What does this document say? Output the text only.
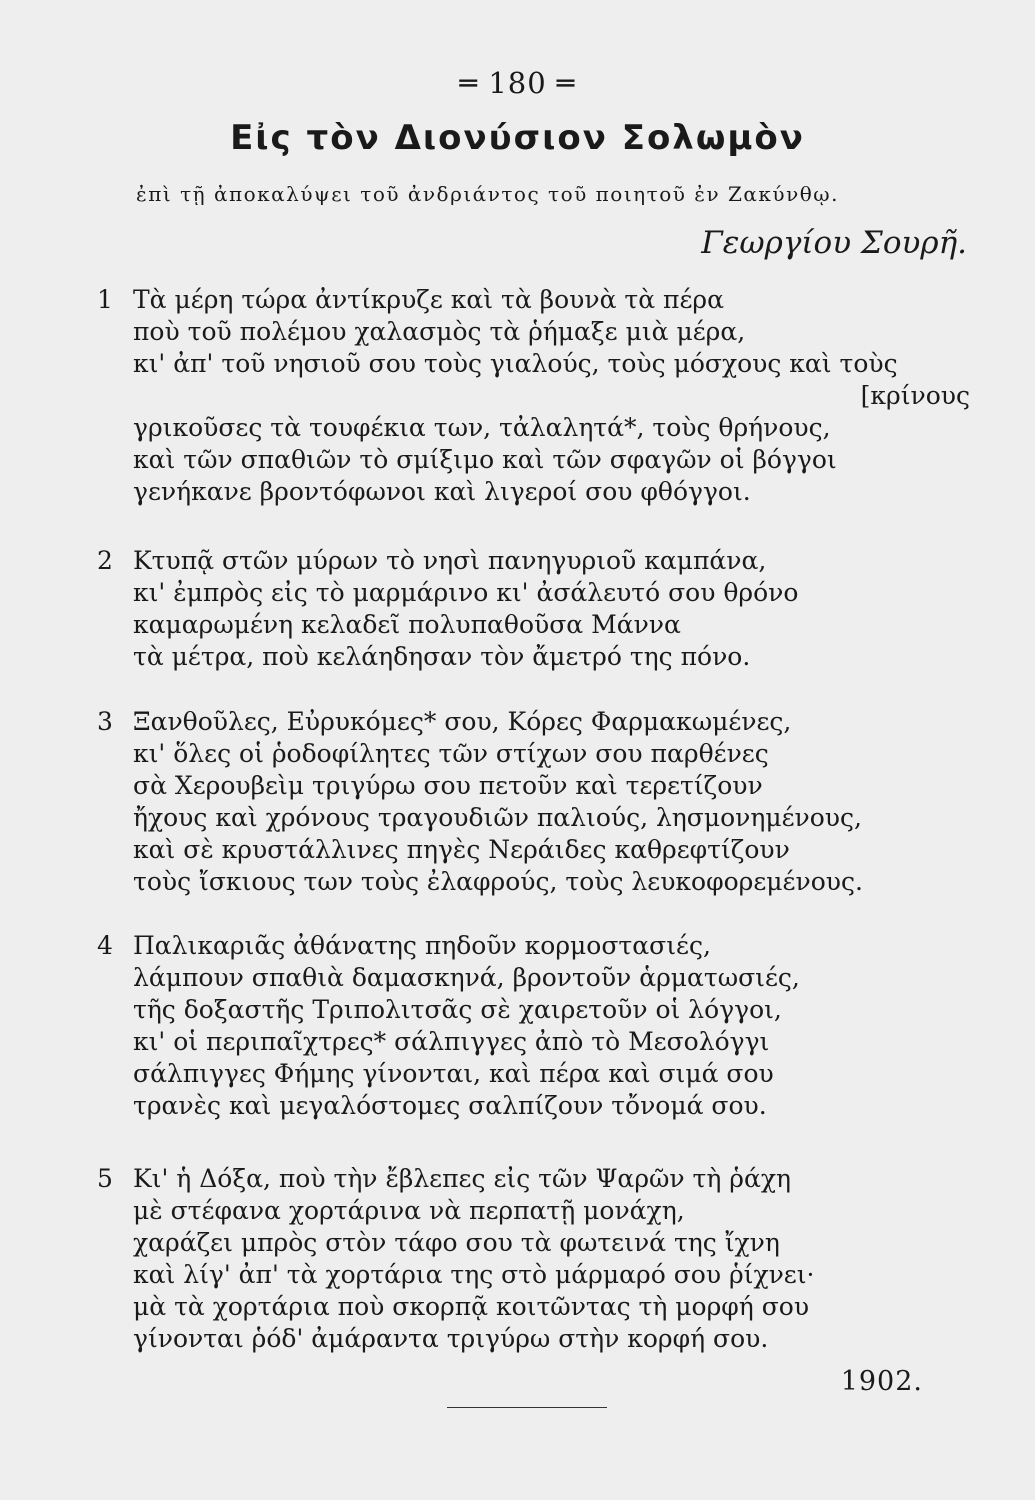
═ 180 ═
Εἰς τὸν Διονύσιον Σολωμὸν
ἐπὶ τῇ ἀποκαλύψει τοῦ ἀνδριάντος τοῦ ποιητοῦ ἐν Ζακύνθῳ.
Γεωργίου Σουρῆ.
1 Τὰ μέρη τώρα ἀντίκρυζε καὶ τὰ βουνὰ τὰ πέρα
ποὺ τοῦ πολέμου χαλασμὸς τὰ ῥήμαξε μιὰ μέρα,
κι' ἀπ' τοῦ νησιοῦ σου τοὺς γιαλούς, τοὺς μόσχους καὶ τοὺς
[κρίνους
γρικοῦσες τὰ τουφέκια των, τἀλαλητά*, τοὺς θρήνους,
καὶ τῶν σπαθιῶν τὸ σμίξιμο καὶ τῶν σφαγῶν οἱ βόγγοι
γενήκανε βροντόφωνοι καὶ λιγεροί σου φθόγγοι.
2 Κτυπᾷ στῶν μύρων τὸ νησὶ πανηγυριοῦ καμπάνα,
κι' ἐμπρὸς εἰς τὸ μαρμάρινο κι' ἀσάλευτό σου θρόνο
καμαρωμένη κελαδεῖ πολυπαθοῦσα Μάννα
τὰ μέτρα, ποὺ κελάηδησαν τὸν ἄμετρό της πόνο.
3 Ξανθοῦλες, Εὐρυκόμες* σου, Κόρες Φαρμακωμένες,
κι' ὅλες οἱ ῥοδοφίλητες τῶν στίχων σου παρθένες
σὰ Χερουβεὶμ τριγύρω σου πετοῦν καὶ τερετίζουν
ἤχους καὶ χρόνους τραγουδιῶν παλιούς, λησμονημένους,
καὶ σὲ κρυστάλλινες πηγὲς Νεράιδες καθρεφτίζουν
τοὺς ἴσκιους των τοὺς ἐλαφρούς, τοὺς λευκοφορεμένους.
4 Παλικαριᾶς ἀθάνατης πηδοῦν κορμοστασιές,
λάμπουν σπαθιὰ δαμασκηνά, βροντοῦν ἁρματωσιές,
τῆς δοξαστῆς Τριπολιτσᾶς σὲ χαιρετοῦν οἱ λόγγοι,
κι' οἱ περιπαῖχτρες* σάλπιγγες ἀπὸ τὸ Μεσολόγγι
σάλπιγγες Φήμης γίνονται, καὶ πέρα καὶ σιμά σου
τρανὲς καὶ μεγαλόστομες σαλπίζουν τὄνομά σου.
5 Κι' ἡ Δόξα, ποὺ τὴν ἔβλεπες εἰς τῶν Ψαρῶν τὴ ῥάχη
μὲ στέφανα χορτάρινα νὰ περπατῇ μονάχη,
χαράζει μπρὸς στὸν τάφο σου τὰ φωτεινά της ἴχνη
καὶ λίγ' ἀπ' τὰ χορτάρια της στὸ μάρμαρό σου ῥίχνει·
μὰ τὰ χορτάρια ποὺ σκορπᾷ κοιτῶντας τὴ μορφή σου
γίνονται ῥόδ' ἀμάραντα τριγύρω στὴν κορφή σου.
1902.
